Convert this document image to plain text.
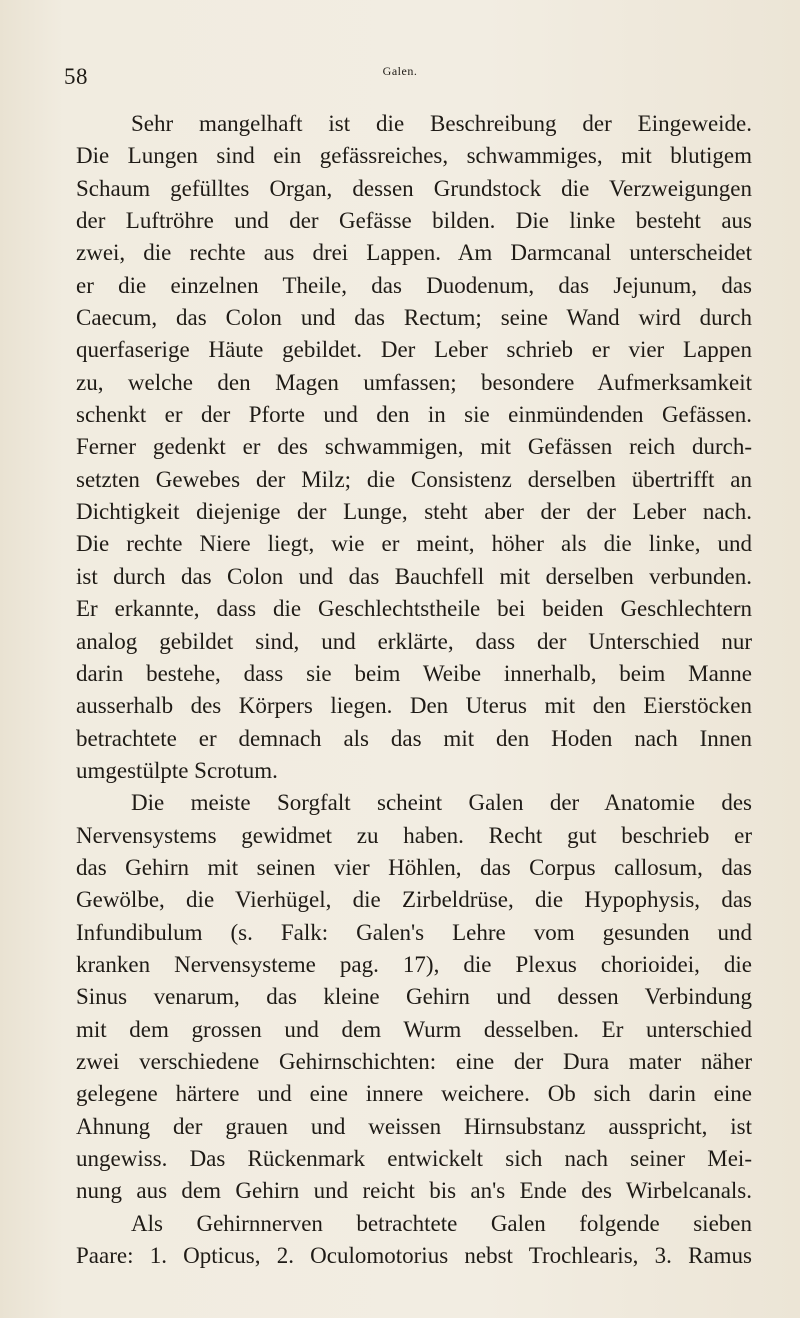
58	Galen.
Sehr mangelhaft ist die Beschreibung der Eingeweide.
Die Lungen sind ein gefässreiches, schwammiges, mit blutigem
Schaum gefülltes Organ, dessen Grundstock die Verzweigungen
der Luftröhre und der Gefässe bilden. Die linke besteht aus
zwei, die rechte aus drei Lappen. Am Darmcanal unterscheidet
er die einzelnen Theile, das Duodenum, das Jejunum, das
Caecum, das Colon und das Rectum; seine Wand wird durch
querfaserige Häute gebildet. Der Leber schrieb er vier Lappen
zu, welche den Magen umfassen; besondere Aufmerksamkeit
schenkt er der Pforte und den in sie einmündenden Gefässen.
Ferner gedenkt er des schwammigen, mit Gefässen reich durch-
setzten Gewebes der Milz; die Consistenz derselben übertrifft an
Dichtigkeit diejenige der Lunge, steht aber der der Leber nach.
Die rechte Niere liegt, wie er meint, höher als die linke, und
ist durch das Colon und das Bauchfell mit derselben verbunden.
Er erkannte, dass die Geschlechtstheile bei beiden Geschlechtern
analog gebildet sind, und erklärte, dass der Unterschied nur
darin bestehe, dass sie beim Weibe innerhalb, beim Manne
ausserhalb des Körpers liegen. Den Uterus mit den Eierstöcken
betrachtete er demnach als das mit den Hoden nach Innen
umgestülpte Scrotum.
Die meiste Sorgfalt scheint Galen der Anatomie des
Nervensystems gewidmet zu haben. Recht gut beschrieb er
das Gehirn mit seinen vier Höhlen, das Corpus callosum, das
Gewölbe, die Vierhügel, die Zirbeldrüse, die Hypophysis, das
Infundibulum (s. Falk: Galen's Lehre vom gesunden und
kranken Nervensysteme pag. 17), die Plexus chorioidei, die
Sinus venarum, das kleine Gehirn und dessen Verbindung
mit dem grossen und dem Wurm desselben. Er unterschied
zwei verschiedene Gehirnschichten: eine der Dura mater näher
gelegene härtere und eine innere weichere. Ob sich darin eine
Ahnung der grauen und weissen Hirnsubstanz ausspricht, ist
ungewiss. Das Rückenmark entwickelt sich nach seiner Mei-
nung aus dem Gehirn und reicht bis an's Ende des Wirbelcanals.
Als Gehirnnerven betrachtete Galen folgende sieben
Paare: 1. Opticus, 2. Oculomotorius nebst Trochlearis, 3. Ramus
